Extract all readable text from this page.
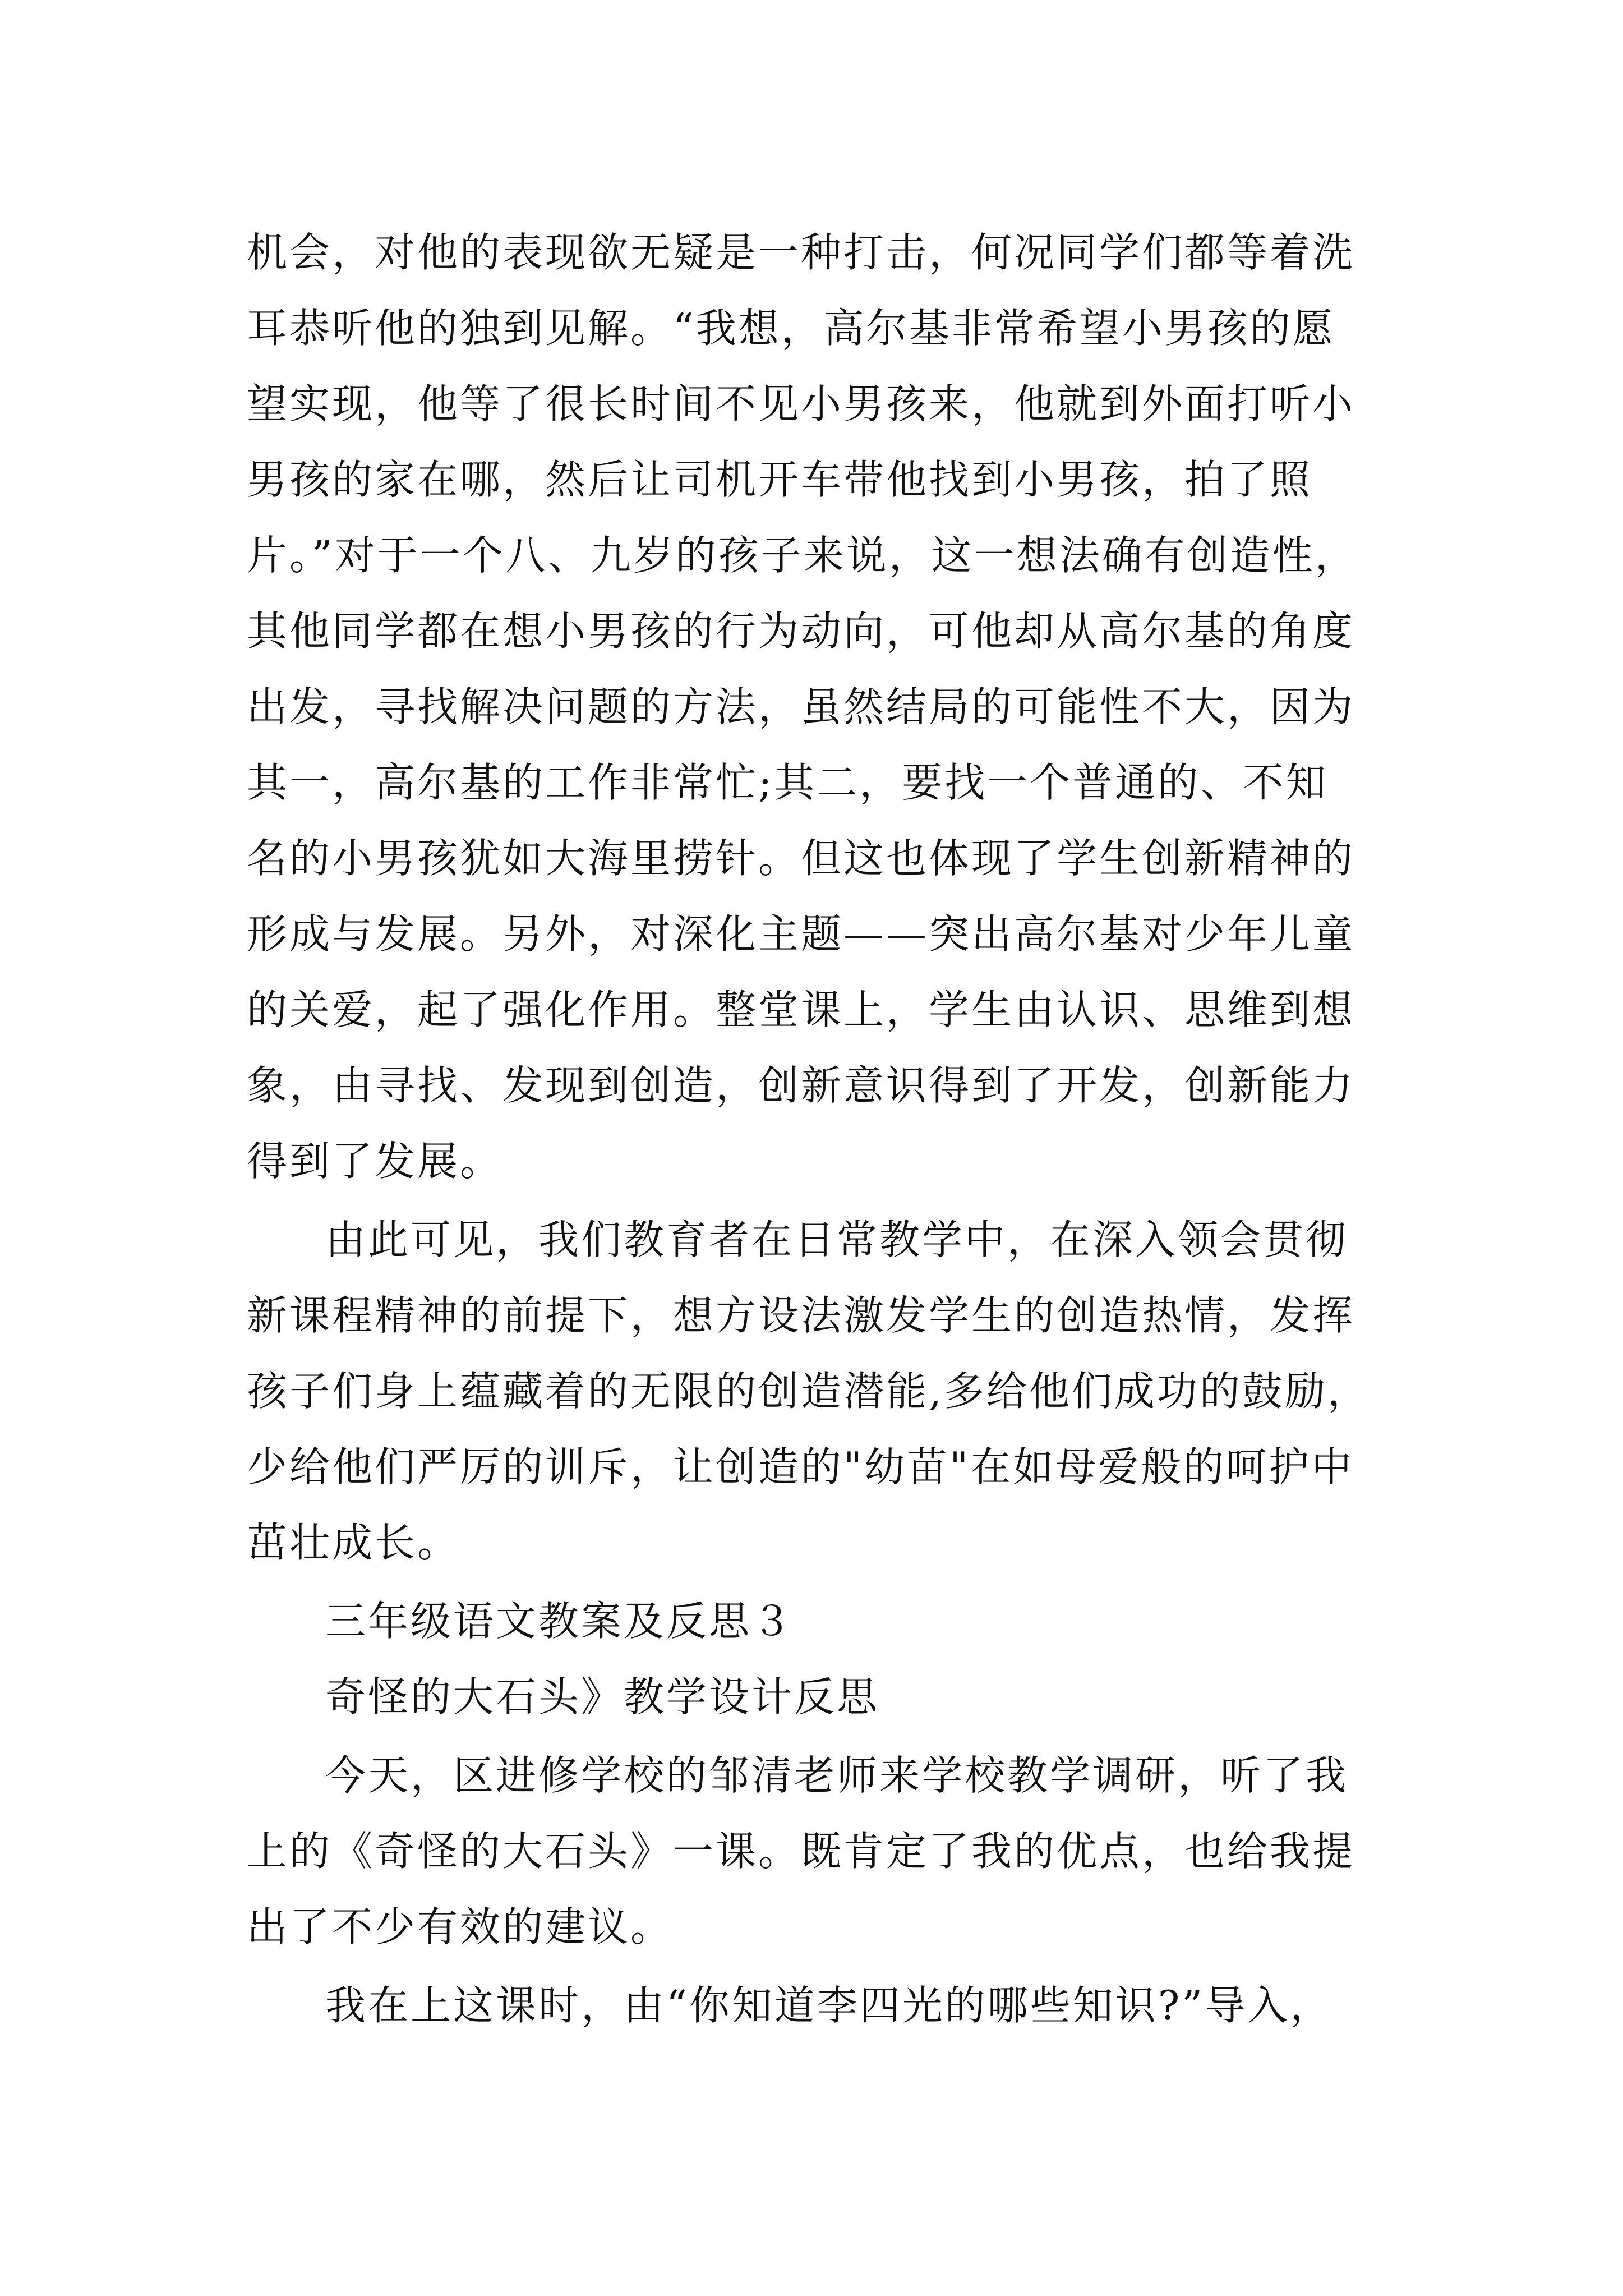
机会，对他的表现欲无疑是一种打击，何况同学们都等着洗
耳恭听他的独到见解。“我想，高尔基非常希望小男孩的愿
望实现，他等了很长时间不见小男孩来，他就到外面打听小
男孩的家在哪，然后让司机开车带他找到小男孩，拍了照
片。”对于一个八、九岁的孩子来说，这一想法确有创造性，
其他同学都在想小男孩的行为动向，可他却从高尔基的角度
出发，寻找解决问题的方法，虽然结局的可能性不大，因为
其一，高尔基的工作非常忙;其二，要找一个普通的、不知
名的小男孩犹如大海里捞针。但这也体现了学生创新精神的
形成与发展。另外，对深化主题——突出高尔基对少年儿童
的关爱，起了强化作用。整堂课上，学生由认识、思维到想
象，由寻找、发现到创造，创新意识得到了开发，创新能力
得到了发展。
由此可见，我们教育者在日常教学中，在深入领会贯彻
新课程精神的前提下，想方设法激发学生的创造热情，发挥
孩子们身上蕴藏着的无限的创造潜能,多给他们成功的鼓励，
少给他们严厉的训斥，让创造的"幼苗"在如母爱般的呵护中
茁壮成长。
三年级语文教案及反思３
奇怪的大石头》教学设计反思
今天，区进修学校的邹清老师来学校教学调研，听了我
上的《奇怪的大石头》一课。既肯定了我的优点，也给我提
出了不少有效的建议。
我在上这课时，由“你知道李四光的哪些知识?”导入，
